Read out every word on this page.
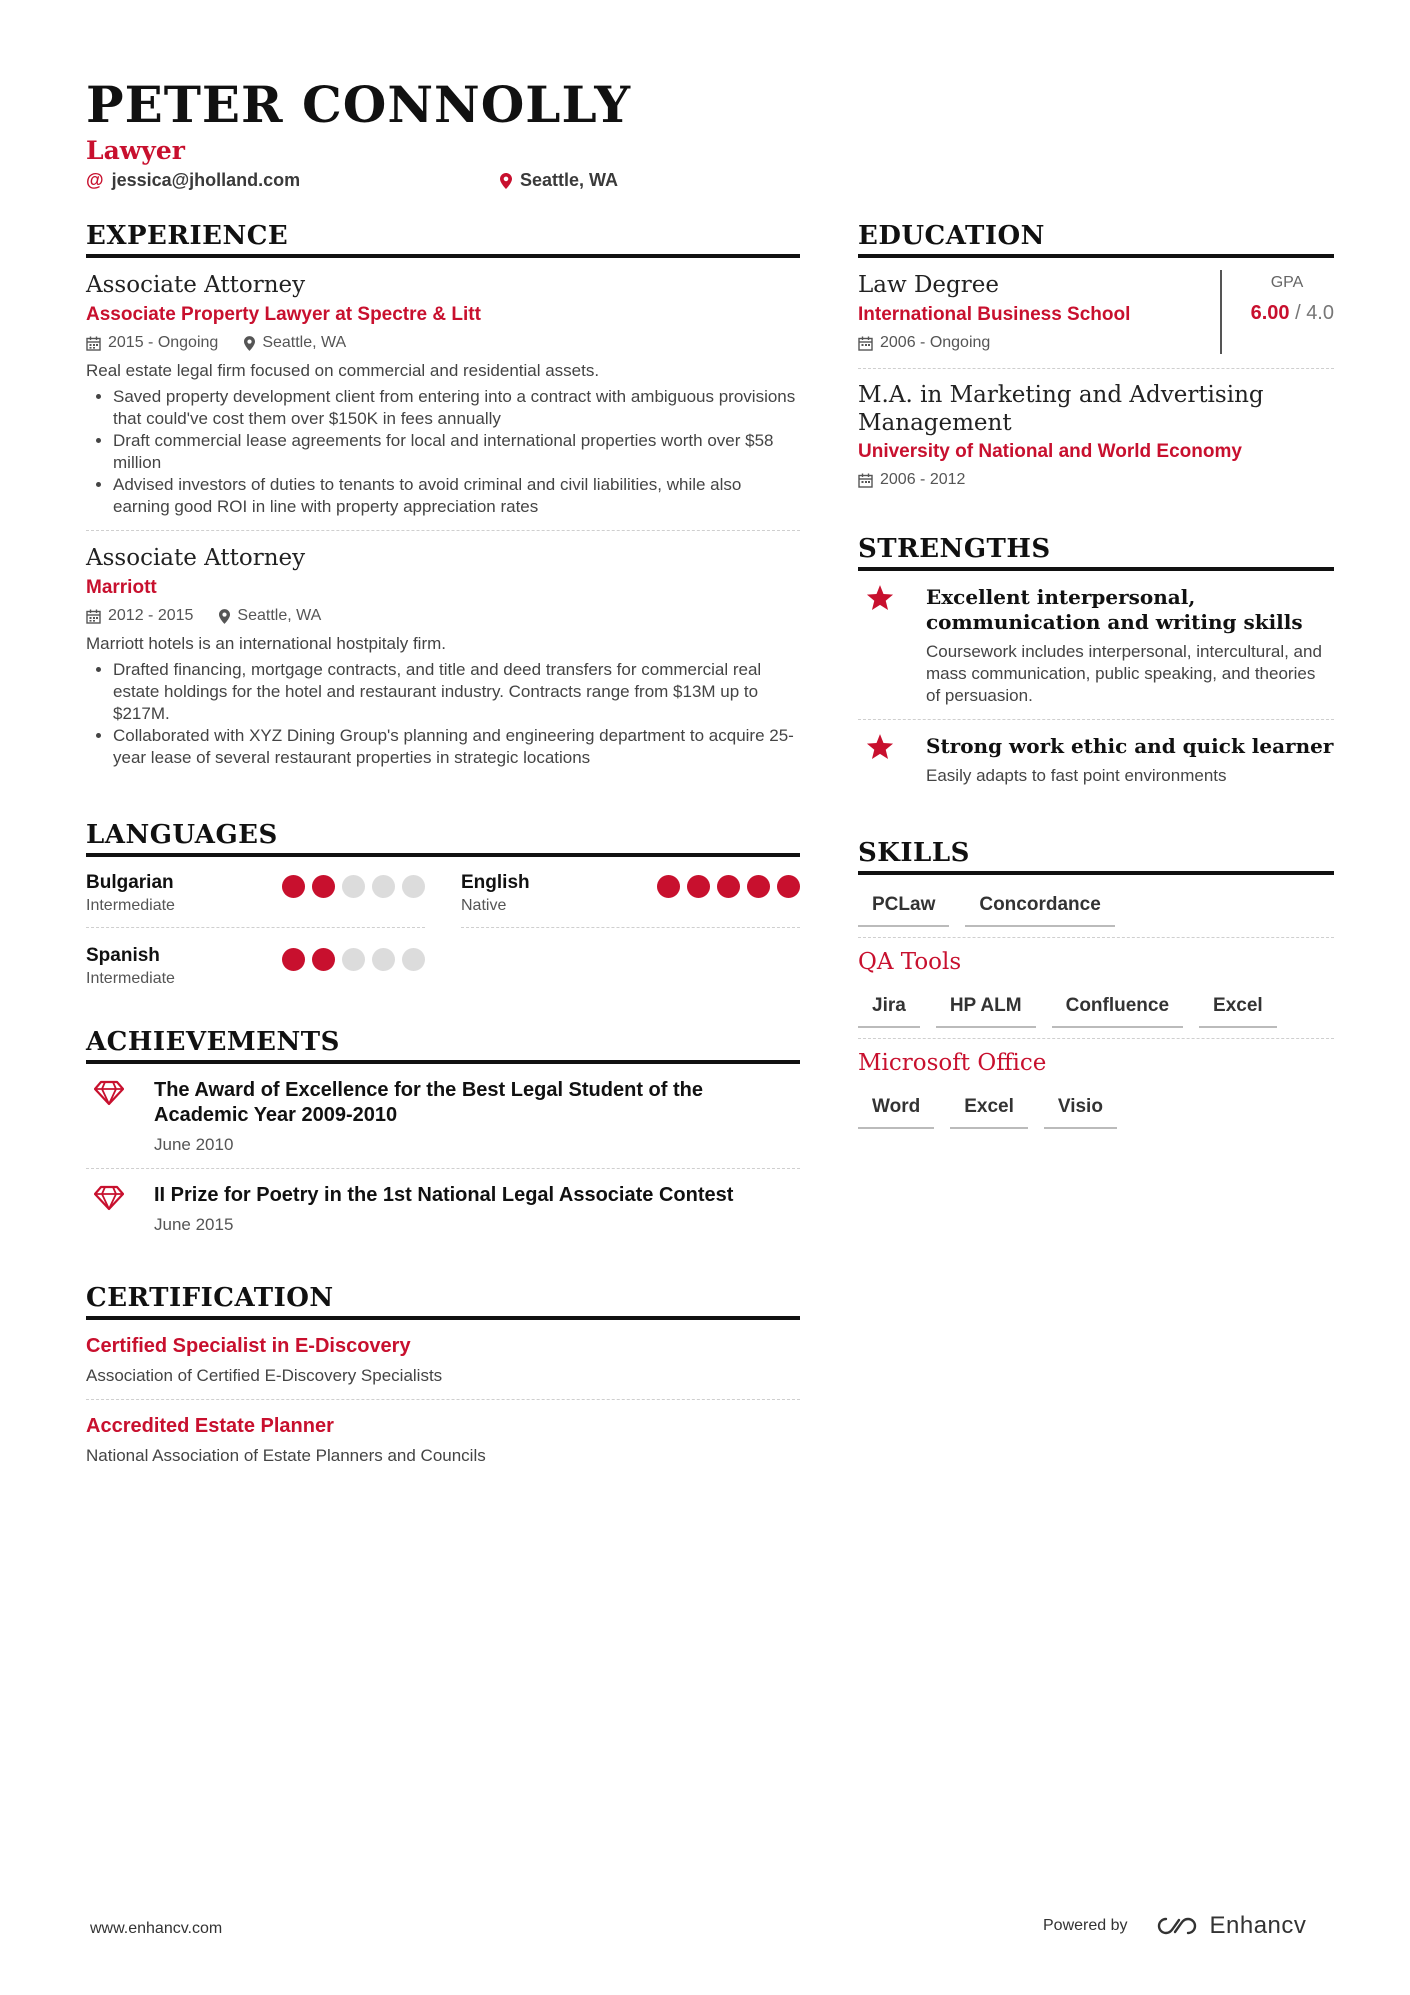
PETER CONNOLLY
Lawyer
@ jessica@jholland.com	Seattle, WA
EXPERIENCE
Associate Attorney
Associate Property Lawyer at Spectre & Litt
2015 - Ongoing	Seattle, WA
Real estate legal firm focused on commercial and residential assets.
• Saved property development client from entering into a contract with ambiguous provisions that could've cost them over $150K in fees annually
• Draft commercial lease agreements for local and international properties worth over $58 million
• Advised investors of duties to tenants to avoid criminal and civil liabilities, while also earning good ROI in line with property appreciation rates
Associate Attorney
Marriott
2012 - 2015	Seattle, WA
Marriott hotels is an international hostpitaly firm.
• Drafted financing, mortgage contracts, and title and deed transfers for commercial real estate holdings for the hotel and restaurant industry. Contracts range from $13M up to $217M.
• Collaborated with XYZ Dining Group's planning and engineering department to acquire 25-year lease of several restaurant properties in strategic locations
LANGUAGES
Bulgarian
Intermediate
English
Native
Spanish
Intermediate
ACHIEVEMENTS
The Award of Excellence for the Best Legal Student of the Academic Year 2009-2010
June 2010
II Prize for Poetry in the 1st National Legal Associate Contest
June 2015
CERTIFICATION
Certified Specialist in E-Discovery
Association of Certified E-Discovery Specialists
Accredited Estate Planner
National Association of Estate Planners and Councils
EDUCATION
Law Degree
International Business School
2006 - Ongoing
GPA
6.00 / 4.0
M.A. in Marketing and Advertising Management
University of National and World Economy
2006 - 2012
STRENGTHS
Excellent interpersonal, communication and writing skills
Coursework includes interpersonal, intercultural, and mass communication, public speaking, and theories of persuasion.
Strong work ethic and quick learner
Easily adapts to fast point environments
SKILLS
PCLaw	Concordance
QA Tools
Jira	HP ALM	Confluence	Excel
Microsoft Office
Word	Excel	Visio
www.enhancv.com	Powered by	Enhancv
